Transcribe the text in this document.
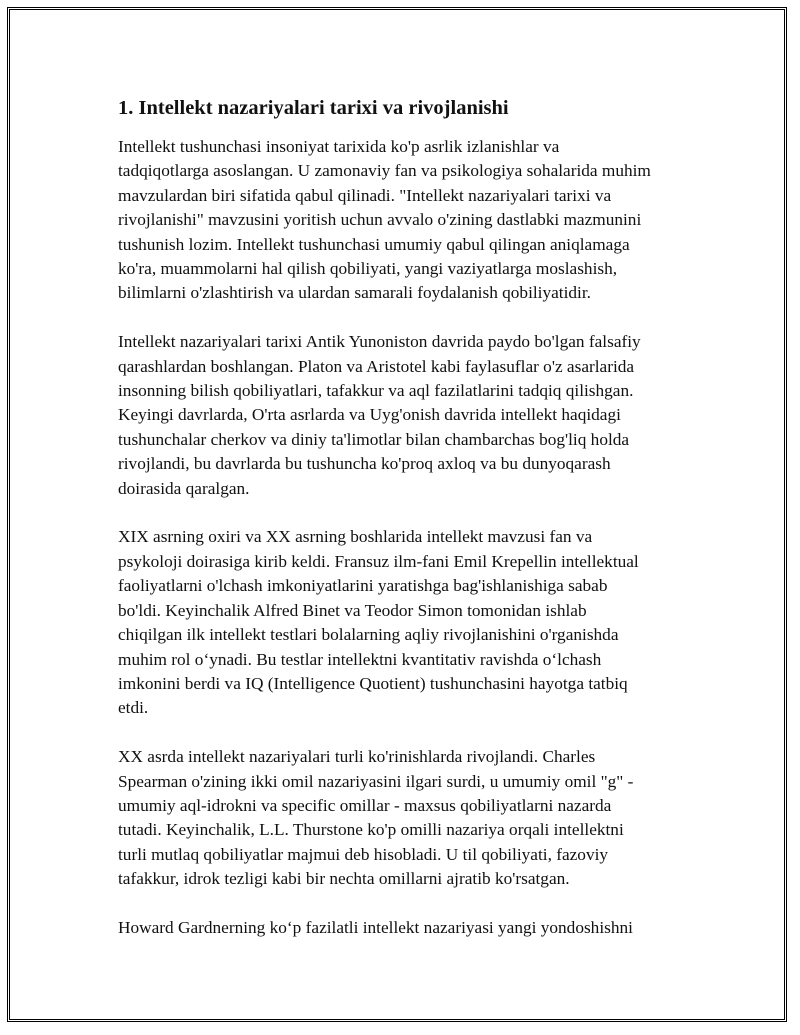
1. Intellekt nazariyalari tarixi va rivojlanishi

Intellekt tushunchasi insoniyat tarixida ko'p asrlik izlanishlar va
tadqiqotlarga asoslangan. U zamonaviy fan va psikologiya sohalarida muhim
mavzulardan biri sifatida qabul qilinadi. "Intellekt nazariyalari tarixi va
rivojlanishi" mavzusini yoritish uchun avvalo o'zining dastlabki mazmunini
tushunish lozim. Intellekt tushunchasi umumiy qabul qilingan aniqlamaga
ko'ra, muammolarni hal qilish qobiliyati, yangi vaziyatlarga moslashish,
bilimlarni o'zlashtirish va ulardan samarali foydalanish qobiliyatidir.

Intellekt nazariyalari tarixi Antik Yunoniston davrida paydo bo'lgan falsafiy
qarashlardan boshlangan. Platon va Aristotel kabi faylasuflar o'z asarlarida
insonning bilish qobiliyatlari, tafakkur va aql fazilatlarini tadqiq qilishgan.
Keyingi davrlarda, O'rta asrlarda va Uyg'onish davrida intellekt haqidagi
tushunchalar cherkov va diniy ta'limotlar bilan chambarchas bog'liq holda
rivojlandi, bu davrlarda bu tushuncha ko'proq axloq va bu dunyoqarash
doirasida qaralgan.

XIX asrning oxiri va XX asrning boshlarida intellekt mavzusi fan va
psykoloji doirasiga kirib keldi. Fransuz ilm-fani Emil Krepellin intellektual
faoliyatlarni o'lchash imkoniyatlarini yaratishga bag'ishlanishiga sabab
bo'ldi. Keyinchalik Alfred Binet va Teodor Simon tomonidan ishlab
chiqilgan ilk intellekt testlari bolalarning aqliy rivojlanishini o'rganishda
muhim rol o‘ynadi. Bu testlar intellektni kvantitativ ravishda o‘lchash
imkonini berdi va IQ (Intelligence Quotient) tushunchasini hayotga tatbiq
etdi.

XX asrda intellekt nazariyalari turli ko'rinishlarda rivojlandi. Charles
Spearman o'zining ikki omil nazariyasini ilgari surdi, u umumiy omil "g" -
umumiy aql-idrokni va specific omillar - maxsus qobiliyatlarni nazarda
tutadi. Keyinchalik, L.L. Thurstone ko'p omilli nazariya orqali intellektni
turli mutlaq qobiliyatlar majmui deb hisobladi. U til qobiliyati, fazoviy
tafakkur, idrok tezligi kabi bir nechta omillarni ajratib ko'rsatgan.

Howard Gardnerning ko‘p fazilatli intellekt nazariyasi yangi yondoshishni
